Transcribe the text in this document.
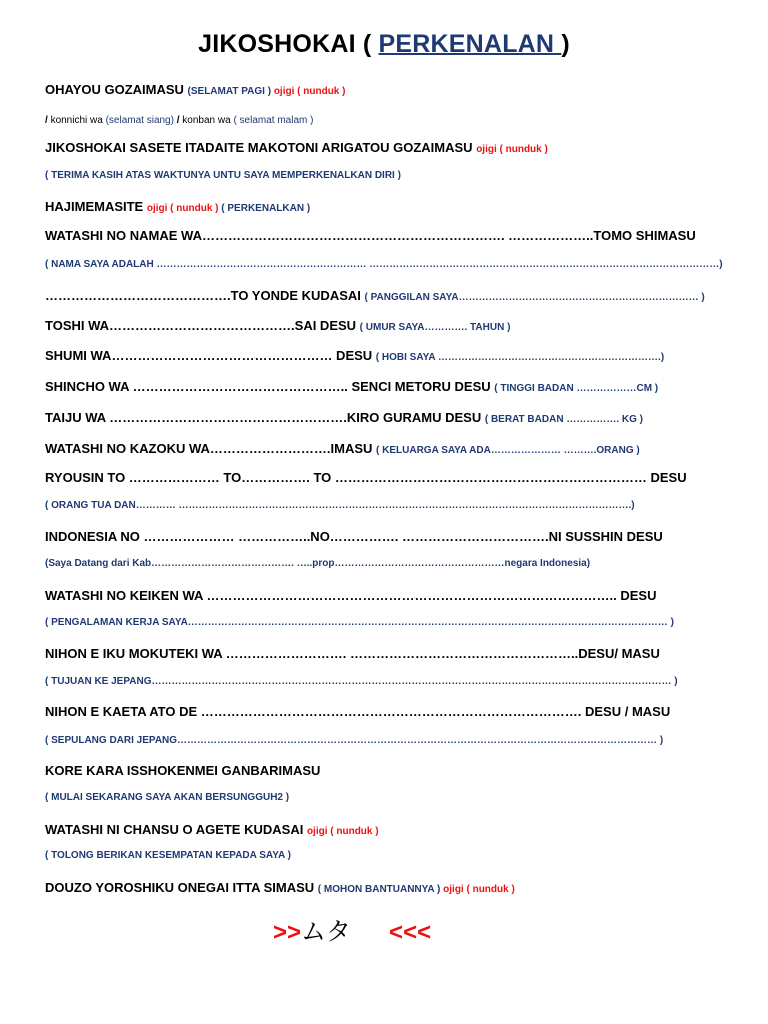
JIKOSHOKAI ( PERKENALAN )
OHAYOU GOZAIMASU (SELAMAT PAGI ) ojigi ( nunduk )
/ konnichi wa (selamat siang) / konban wa ( selamat malam )
JIKOSHOKAI SASETE ITADAITE MAKOTONI ARIGATOU GOZAIMASU ojigi ( nunduk )
( TERIMA KASIH ATAS WAKTUNYA UNTU SAYA MEMPERKENALKAN DIRI )
HAJIMEMASITE ojigi ( nunduk ) ( PERKENALKAN )
WATASHI NO NAMAE WA……………………………………………………………. ………………..TOMO SHIMASU
( NAMA SAYA ADALAH ……………………………………………………… ……………………………………………………………………………………………)
…………………………………….TO YONDE KUDASAI ( PANGGILAN SAYA……………………………………………………………… )
TOSHI WA…………………………………….SAI DESU ( UMUR SAYA…………. TAHUN )
SHUMI WA…………………………………………… DESU ( HOBI SAYA ………………………………………………………….)
SHINCHO WA ………………………………………….. SENCI METORU DESU ( TINGGI BADAN ………………CM )
TAIJU WA ……………………………………………….KIRO GURAMU DESU ( BERAT BADAN ……………. KG )
WATASHI NO KAZOKU WA……………………….IMASU ( KELUARGA SAYA ADA………………… ……….ORANG )
RYOUSIN TO ………………… TO……………. TO ……………………………………………………………… DESU
( ORANG TUA DAN………… ……………………………………………………………………………………………………………………….)
INDONESIA NO ………………… ……………..NO……………. …………………………….NI SUSSHIN DESU
(Saya Datang dari Kab……………………………………. …..prop……………………………………………negara Indonesia)
WATASHI NO KEIKEN WA ………………………………………………………………………………….. DESU
( PENGALAMAN KERJA SAYA……………………………………………………………………………………………………………………………… )
NIHON E IKU MOKUTEKI WA ………………………. ……………………………………………..DESU/ MASU
( TUJUAN KE JEPANG………………………………………………………………………………………………………………………………………… )
NIHON E KAETA ATO DE ……………………………………………………………………………. DESU / MASU
( SEPULANG DARI JEPANG……………………………………………………………………………………………………………………………… )
KORE KARA ISSHOKENMEI GANBARIMASU
( MULAI SEKARANG SAYA AKAN BERSUNGGUH2 )
WATASHI NI CHANSU O AGETE KUDASAI ojigi ( nunduk )
( TOLONG BERIKAN KESEMPATAN KEPADA SAYA )
DOUZO YOROSHIKU ONEGAI ITTA SIMASU ( MOHON BANTUANNYA ) ojigi ( nunduk )
>>ムタ <<<
